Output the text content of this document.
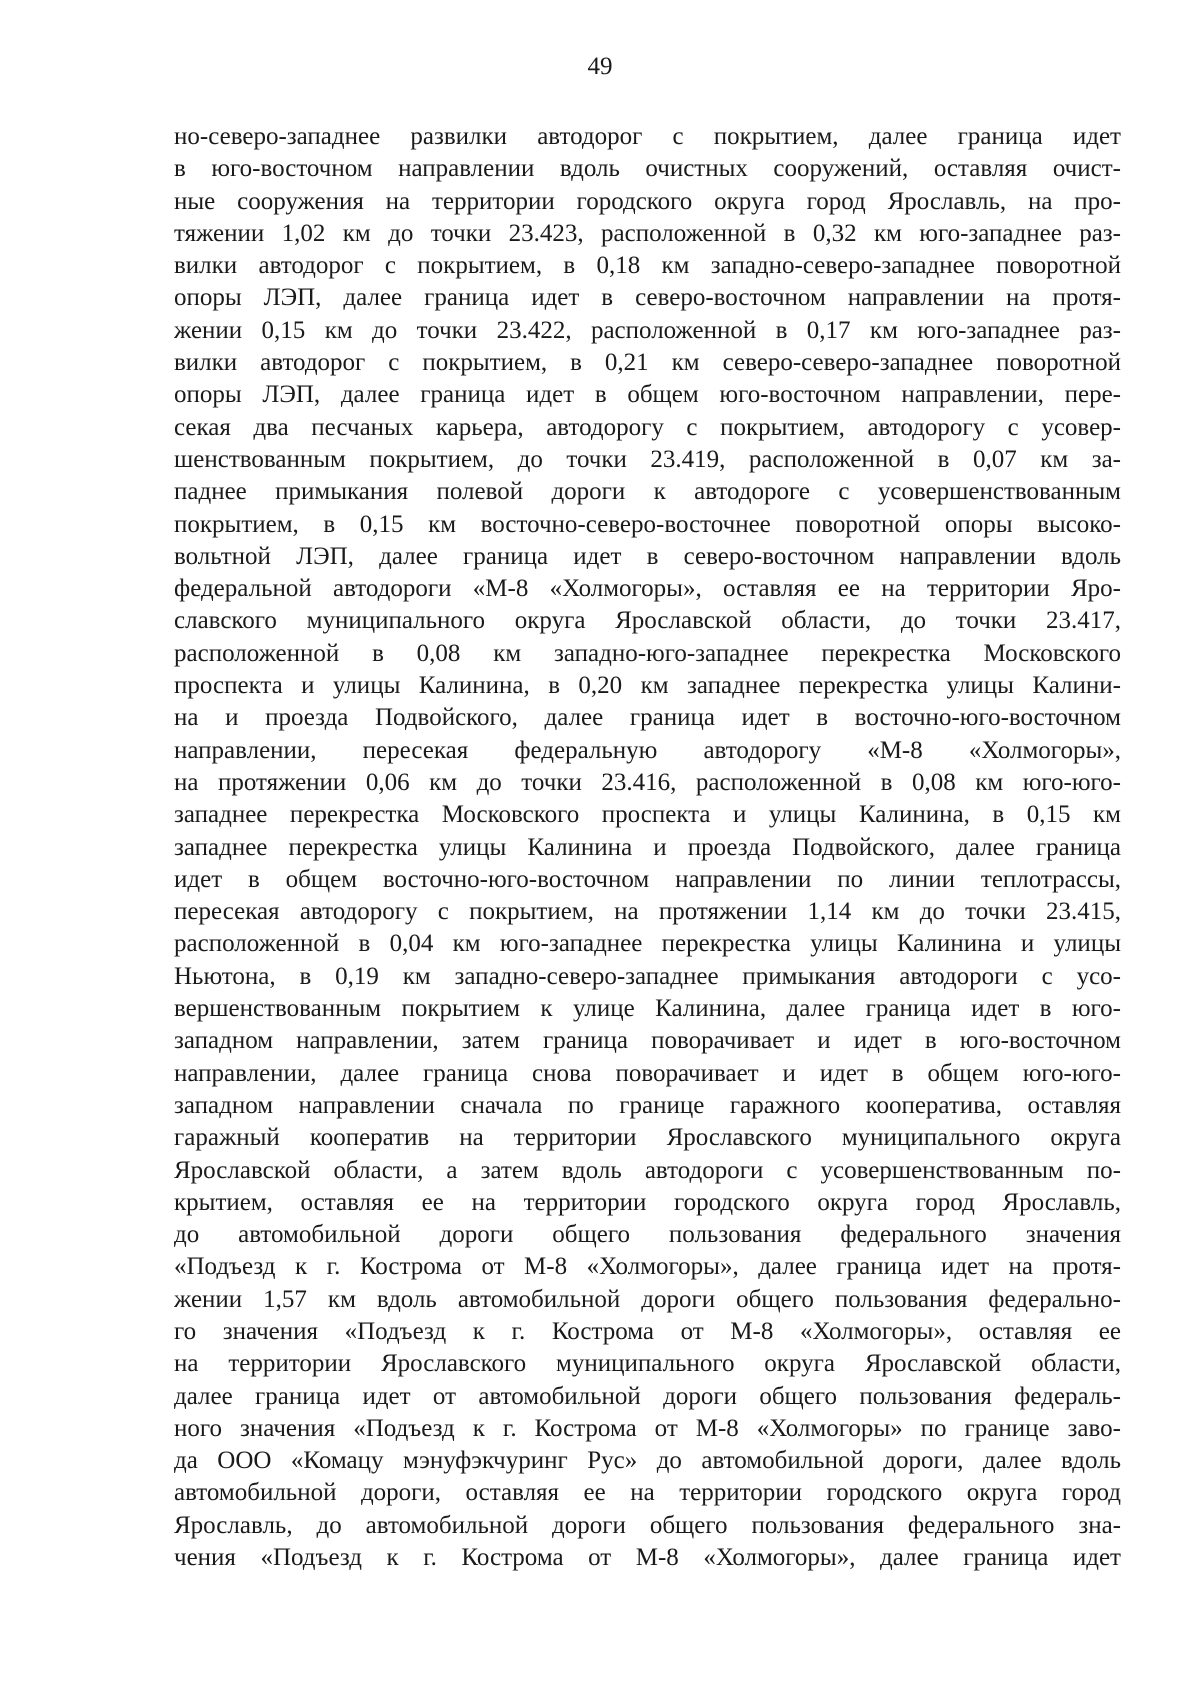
49
но-северо-западнее развилки автодорог с покрытием, далее граница идет
в юго-восточном направлении вдоль очистных сооружений, оставляя очист-
ные сооружения на территории городского округа город Ярославль, на про-
тяжении 1,02 км до точки 23.423, расположенной в 0,32 км юго-западнее раз-
вилки автодорог с покрытием, в 0,18 км западно-северо-западнее поворотной
опоры ЛЭП, далее граница идет в северо-восточном направлении на протя-
жении 0,15 км до точки 23.422, расположенной в 0,17 км юго-западнее раз-
вилки автодорог с покрытием, в 0,21 км северо-северо-западнее поворотной
опоры ЛЭП, далее граница идет в общем юго-восточном направлении, пере-
секая два песчаных карьера, автодорогу с покрытием, автодорогу с усовер-
шенствованным покрытием, до точки 23.419, расположенной в 0,07 км за-
паднее примыкания полевой дороги к автодороге с усовершенствованным
покрытием, в 0,15 км восточно-северо-восточнее поворотной опоры высоко-
вольтной ЛЭП, далее граница идет в северо-восточном направлении вдоль
федеральной автодороги «М-8 «Холмогоры», оставляя ее на территории Яро-
славского муниципального округа Ярославской области, до точки 23.417,
расположенной в 0,08 км западно-юго-западнее перекрестка Московского
проспекта и улицы Калинина, в 0,20 км западнее перекрестка улицы Калини-
на и проезда Подвойского, далее граница идет в восточно-юго-восточном
направлении, пересекая федеральную автодорогу «М-8 «Холмогоры»,
на протяжении 0,06 км до точки 23.416, расположенной в 0,08 км юго-юго-
западнее перекрестка Московского проспекта и улицы Калинина, в 0,15 км
западнее перекрестка улицы Калинина и проезда Подвойского, далее граница
идет в общем восточно-юго-восточном направлении по линии теплотрассы,
пересекая автодорогу с покрытием, на протяжении 1,14 км до точки 23.415,
расположенной в 0,04 км юго-западнее перекрестка улицы Калинина и улицы
Ньютона, в 0,19 км западно-северо-западнее примыкания автодороги с усо-
вершенствованным покрытием к улице Калинина, далее граница идет в юго-
западном направлении, затем граница поворачивает и идет в юго-восточном
направлении, далее граница снова поворачивает и идет в общем юго-юго-
западном направлении сначала по границе гаражного кооператива, оставляя
гаражный кооператив на территории Ярославского муниципального округа
Ярославской области, а затем вдоль автодороги с усовершенствованным по-
крытием, оставляя ее на территории городского округа город Ярославль,
до автомобильной дороги общего пользования федерального значения
«Подъезд к г. Кострома от М-8 «Холмогоры», далее граница идет на протя-
жении 1,57 км вдоль автомобильной дороги общего пользования федерально-
го значения «Подъезд к г. Кострома от М-8 «Холмогоры», оставляя ее
на территории Ярославского муниципального округа Ярославской области,
далее граница идет от автомобильной дороги общего пользования федераль-
ного значения «Подъезд к г. Кострома от М-8 «Холмогоры» по границе заво-
да ООО «Комацу мэнуфэкчуринг Рус» до автомобильной дороги, далее вдоль
автомобильной дороги, оставляя ее на территории городского округа город
Ярославль, до автомобильной дороги общего пользования федерального зна-
чения «Подъезд к г. Кострома от М-8 «Холмогоры», далее граница идет
